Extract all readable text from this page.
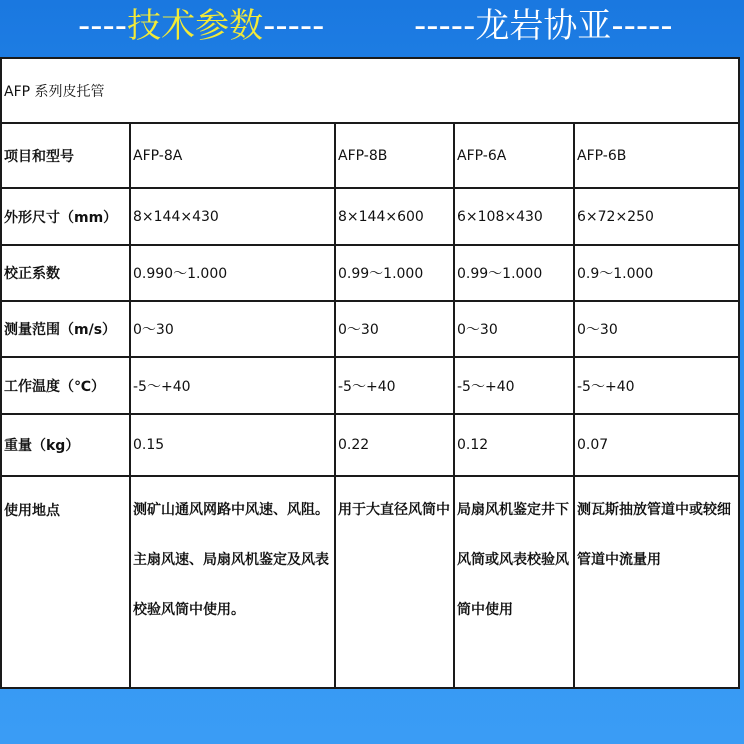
----技术参数-----	-----龙岩协亚-----
AFP 系列皮托管				
项目和型号	AFP-8A	AFP-8B	AFP-6A	AFP-6B
外形尺寸（mm）	8×144×430	8×144×600	6×108×430	6×72×250
校正系数	0.990～1.000	0.99～1.000	0.99～1.000	0.9～1.000
测量范围（m/s）	0～30	0～30	0～30	0～30
工作温度（℃）	-5～+40	-5～+40	-5～+40	-5～+40
重量（kg）	0.15	0.22	0.12	0.07
使用地点	测矿山通风网路中风速、风阻。主扇风速、局扇风机鉴定及风表校验风筒中使用。	用于大直径风筒中	局扇风机鉴定井下风筒或风表校验风筒中使用	测瓦斯抽放管道中或较细管道中流量用
